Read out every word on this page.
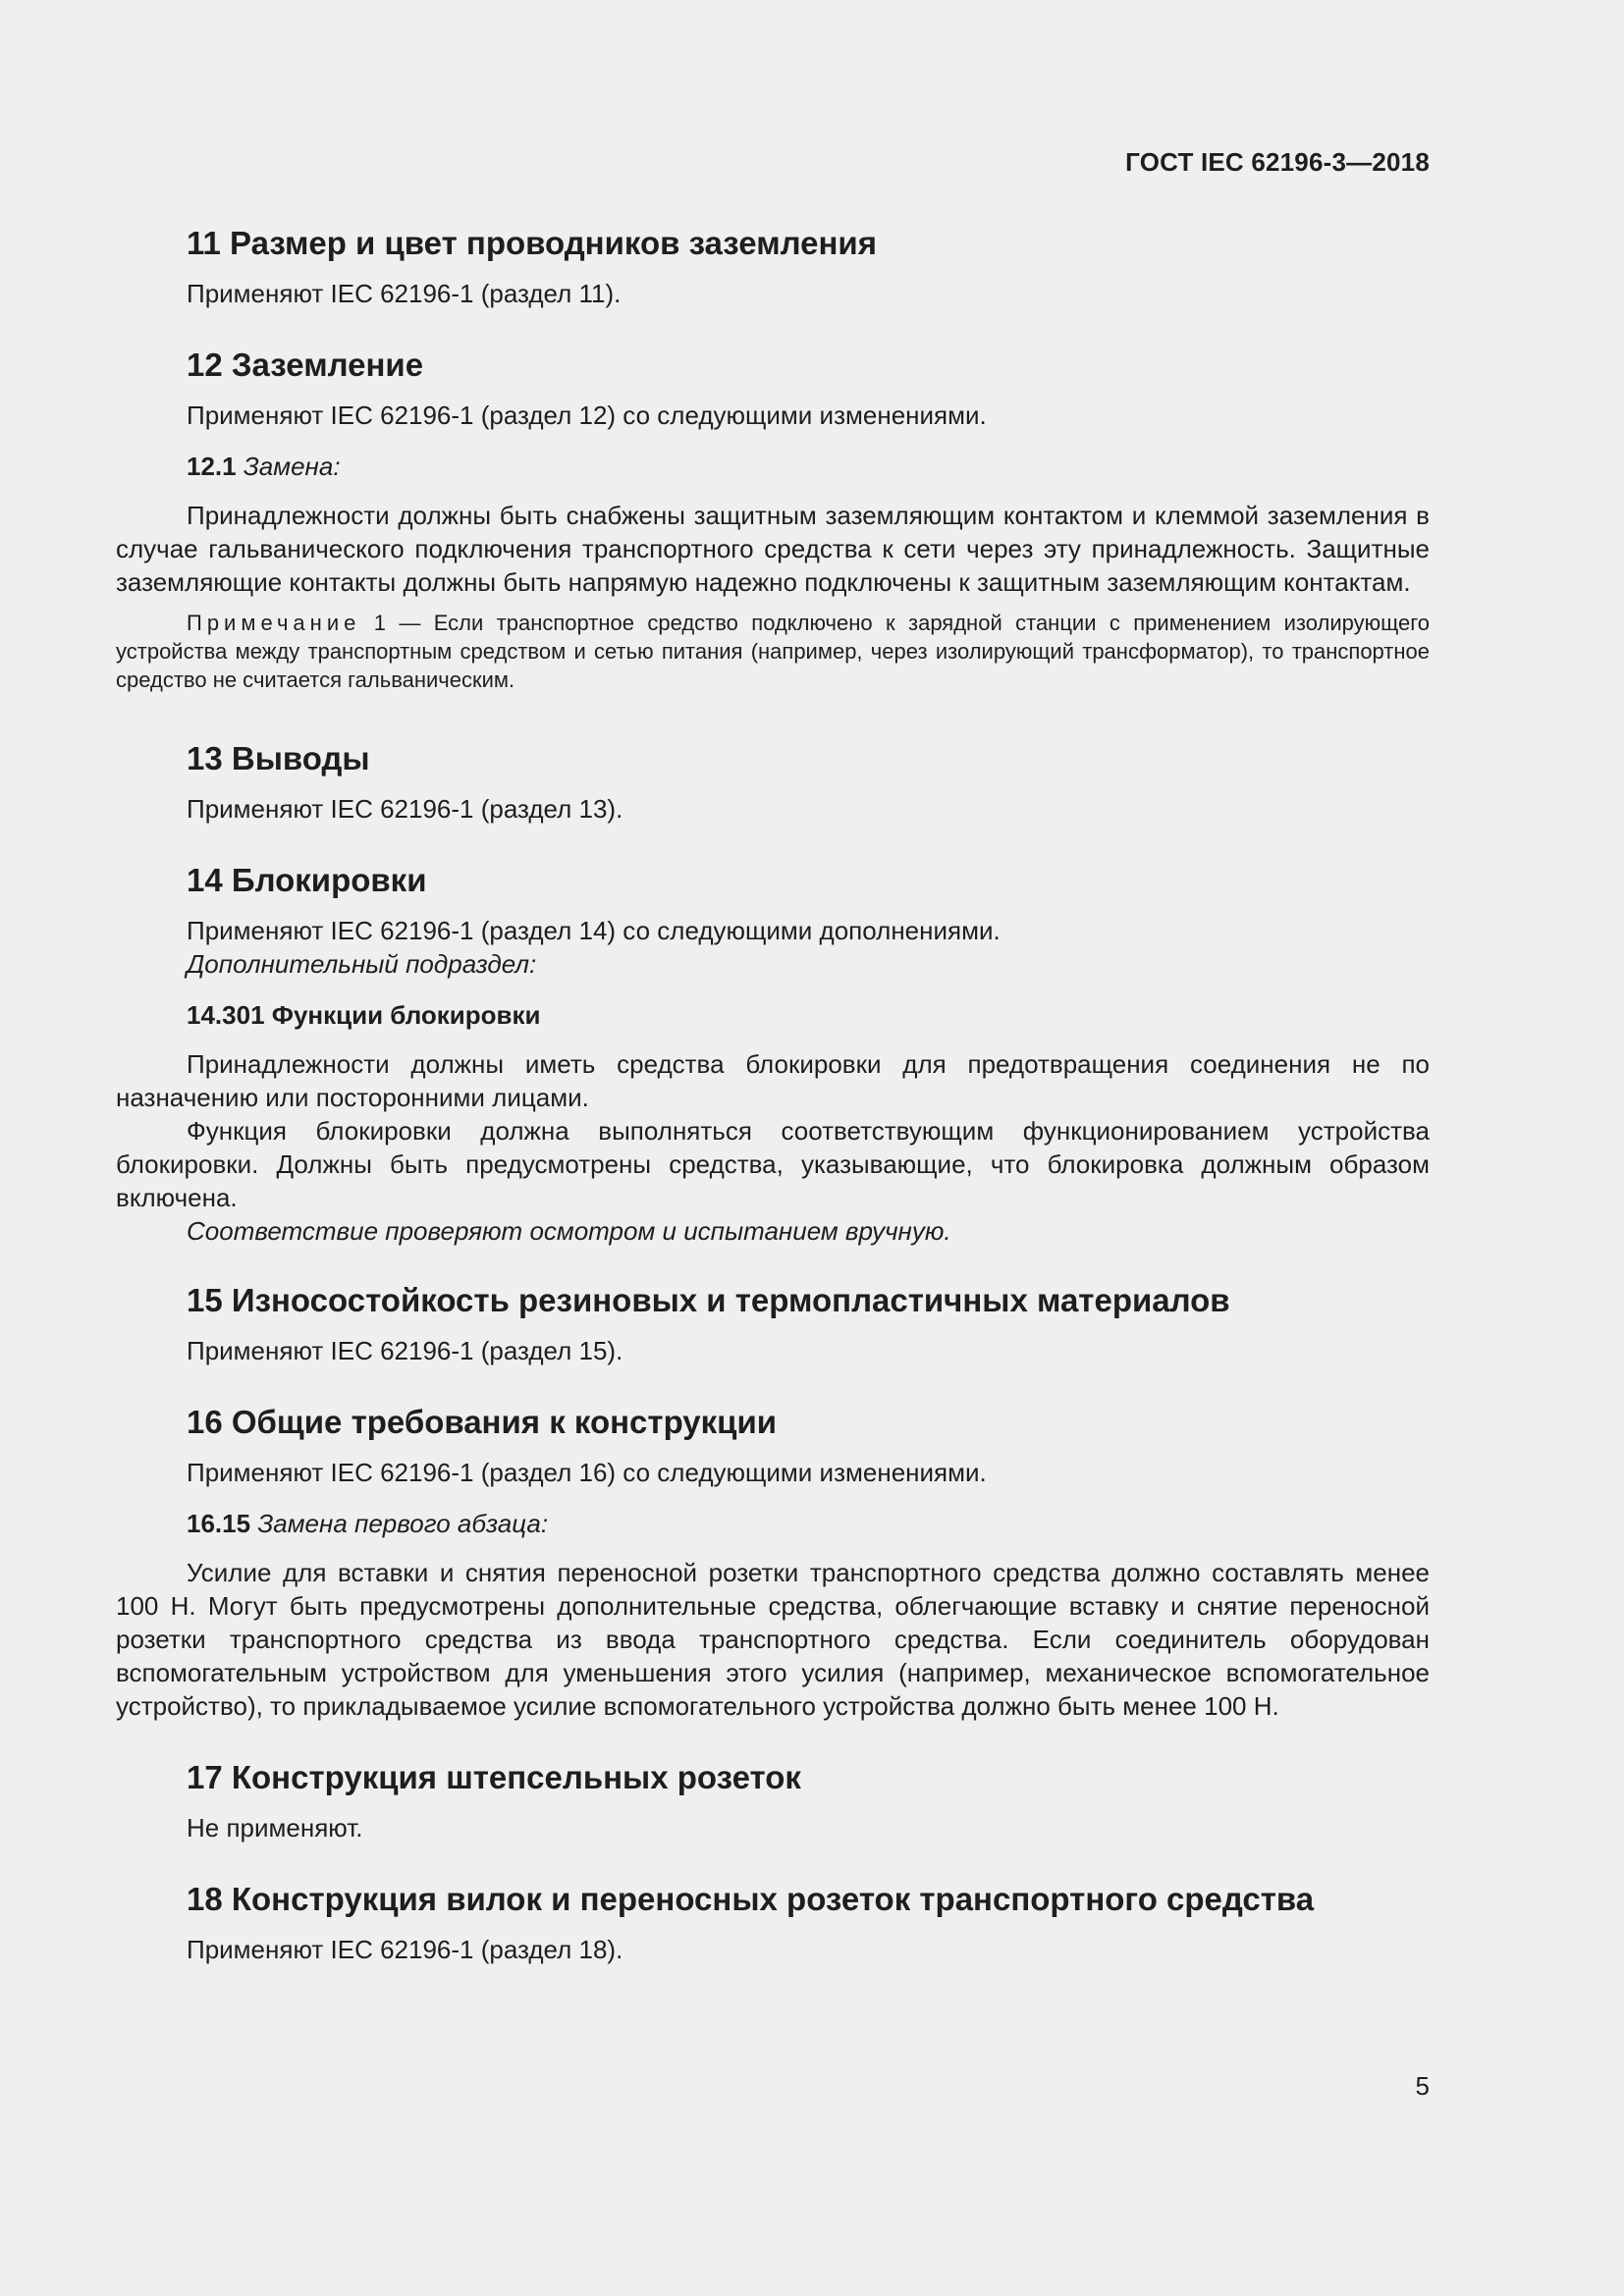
ГОСТ IEC 62196-3—2018
11 Размер и цвет проводников заземления

Применяют IEC 62196-1 (раздел 11).

12 Заземление

Применяют IEC 62196-1 (раздел 12) со следующими изменениями.

12.1 Замена:

Принадлежности должны быть снабжены защитным заземляющим контактом и клеммой заземления в случае гальванического подключения транспортного средства к сети через эту принадлежность. Защитные заземляющие контакты должны быть напрямую надежно подключены к защитным заземляющим контактам.

Примечание 1 — Если транспортное средство подключено к зарядной станции с применением изолирующего устройства между транспортным средством и сетью питания (например, через изолирующий трансформатор), то транспортное средство не считается гальваническим.

13 Выводы

Применяют IEC 62196-1 (раздел 13).

14 Блокировки

Применяют IEC 62196-1 (раздел 14) со следующими дополнениями.

Дополнительный подраздел:

14.301 Функции блокировки

Принадлежности должны иметь средства блокировки для предотвращения соединения не по назначению или посторонними лицами.

Функция блокировки должна выполняться соответствующим функционированием устройства блокировки. Должны быть предусмотрены средства, указывающие, что блокировка должным образом включена.

Соответствие проверяют осмотром и испытанием вручную.

15 Износостойкость резиновых и термопластичных материалов

Применяют IEC 62196-1 (раздел 15).

16 Общие требования к конструкции

Применяют IEC 62196-1 (раздел 16) со следующими изменениями.

16.15 Замена первого абзаца:

Усилие для вставки и снятия переносной розетки транспортного средства должно составлять менее 100 Н. Могут быть предусмотрены дополнительные средства, облегчающие вставку и снятие переносной розетки транспортного средства из ввода транспортного средства. Если соединитель оборудован вспомогательным устройством для уменьшения этого усилия (например, механическое вспомогательное устройство), то прикладываемое усилие вспомогательного устройства должно быть менее 100 Н.

17 Конструкция штепсельных розеток

Не применяют.

18 Конструкция вилок и переносных розеток транспортного средства

Применяют IEC 62196-1 (раздел 18).

5
